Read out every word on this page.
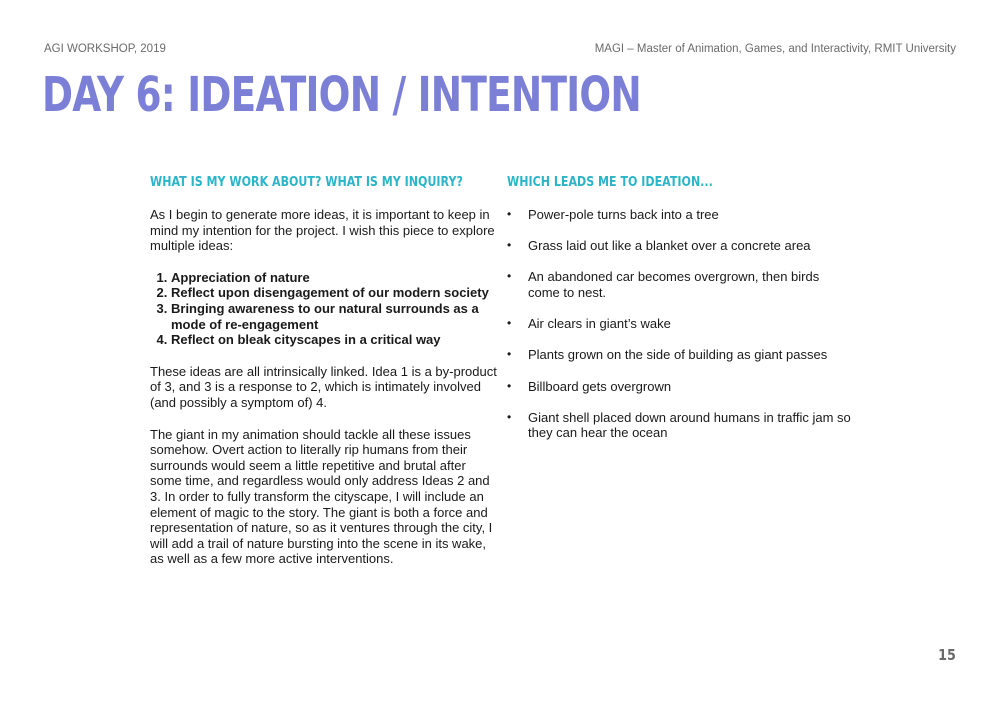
AGI WORKSHOP, 2019	MAGI – Master of Animation, Games, and Interactivity, RMIT University
DAY 6: IDEATION / INTENTION
WHAT IS MY WORK ABOUT? WHAT IS MY INQUIRY?

As I begin to generate more ideas, it is important to keep in mind my intention for the project. I wish this piece to explore multiple ideas:

1. Appreciation of nature
2. Reflect upon disengagement of our modern society
3. Bringing awareness to our natural surrounds as a mode of re-engagement
4. Reflect on bleak cityscapes in a critical way

These ideas are all intrinsically linked. Idea 1 is a by-product of 3, and 3 is a response to 2, which is intimately involved (and possibly a symptom of) 4.

The giant in my animation should tackle all these issues somehow. Overt action to literally rip humans from their surrounds would seem a little repetitive and brutal after some time, and regardless would only address Ideas 2 and 3. In order to fully transform the cityscape, I will include an element of magic to the story. The giant is both a force and representation of nature, so as it ventures through the city, I will add a trail of nature bursting into the scene in its wake, as well as a few more active interventions.

WHICH LEADS ME TO IDEATION...
• Power-pole turns back into a tree
• Grass laid out like a blanket over a concrete area
• An abandoned car becomes overgrown, then birds come to nest.
• Air clears in giant’s wake
• Plants grown on the side of building as giant passes
• Billboard gets overgrown
• Giant shell placed down around humans in traffic jam so they can hear the ocean
15
